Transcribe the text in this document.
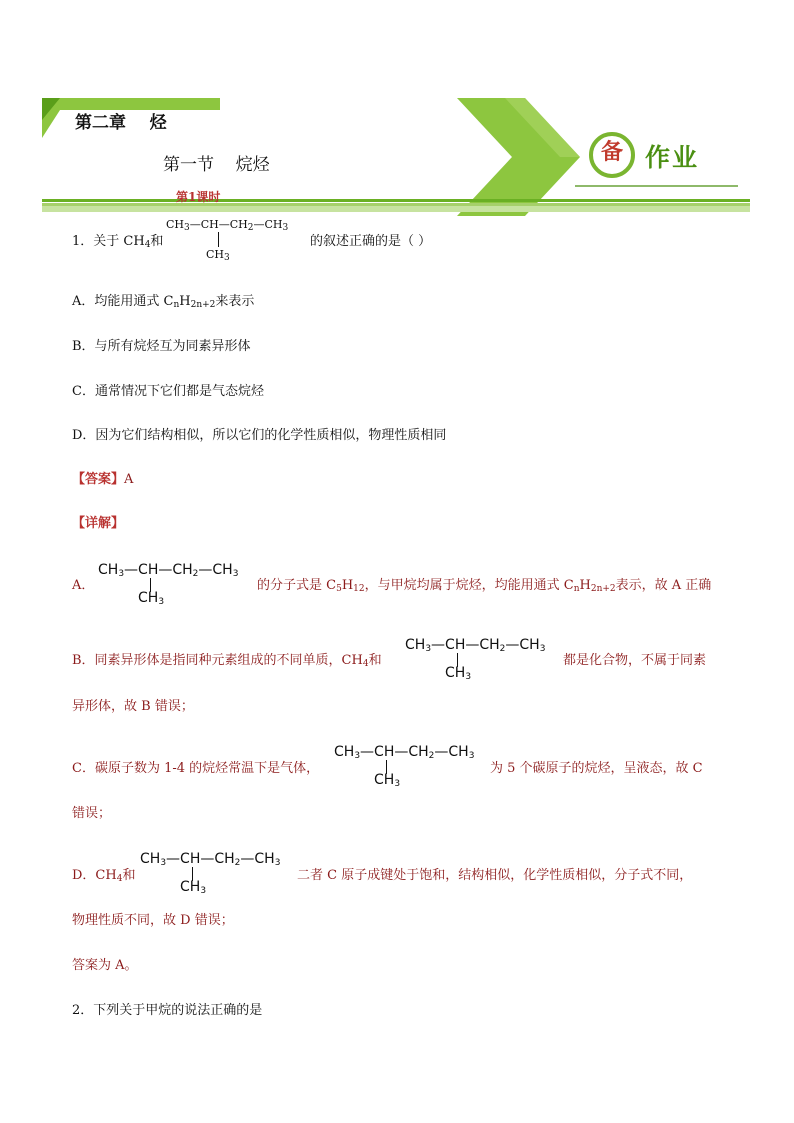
备 作业
第二章    烃
第一节    烷烃
第1课时
1．关于 $CH_4$和
$CH_3—CH—CH_2—CH_3$
$CH_3$
的叙述正确的是（ ）
A．均能用通式 $C_nH_{2n+2}$来表示
B．与所有烷烃互为同素异形体
C．通常情况下它们都是气态烷烃
D．因为它们结构相似，所以它们的化学性质相似，物理性质相同
【答案】A
【详解】
A．
$CH_3—CH—CH_2—CH_3$
$CH_3$
的分子式是 $C_5H_{12}$，与甲烷均属于烷烃，均能用通式 $C_nH_{2n+2}$表示，故 A 正确
B．同素异形体是指同种元素组成的不同单质，$CH_4$和
$CH_3—CH—CH_2—CH_3$
$CH_3$
都是化合物，不属于同素
异形体，故 B 错误；
C．碳原子数为 1-4 的烷烃常温下是气体，
$CH_3—CH—CH_2—CH_3$
$CH_3$
为 5 个碳原子的烷烃，呈液态，故 C
错误；
D．$CH_4$和
$CH_3—CH—CH_2—CH_3$
$CH_3$
二者 C 原子成键处于饱和，结构相似，化学性质相似，分子式不同，
物理性质不同，故 D 错误；
答案为 A。
2．下列关于甲烷的说法正确的是
